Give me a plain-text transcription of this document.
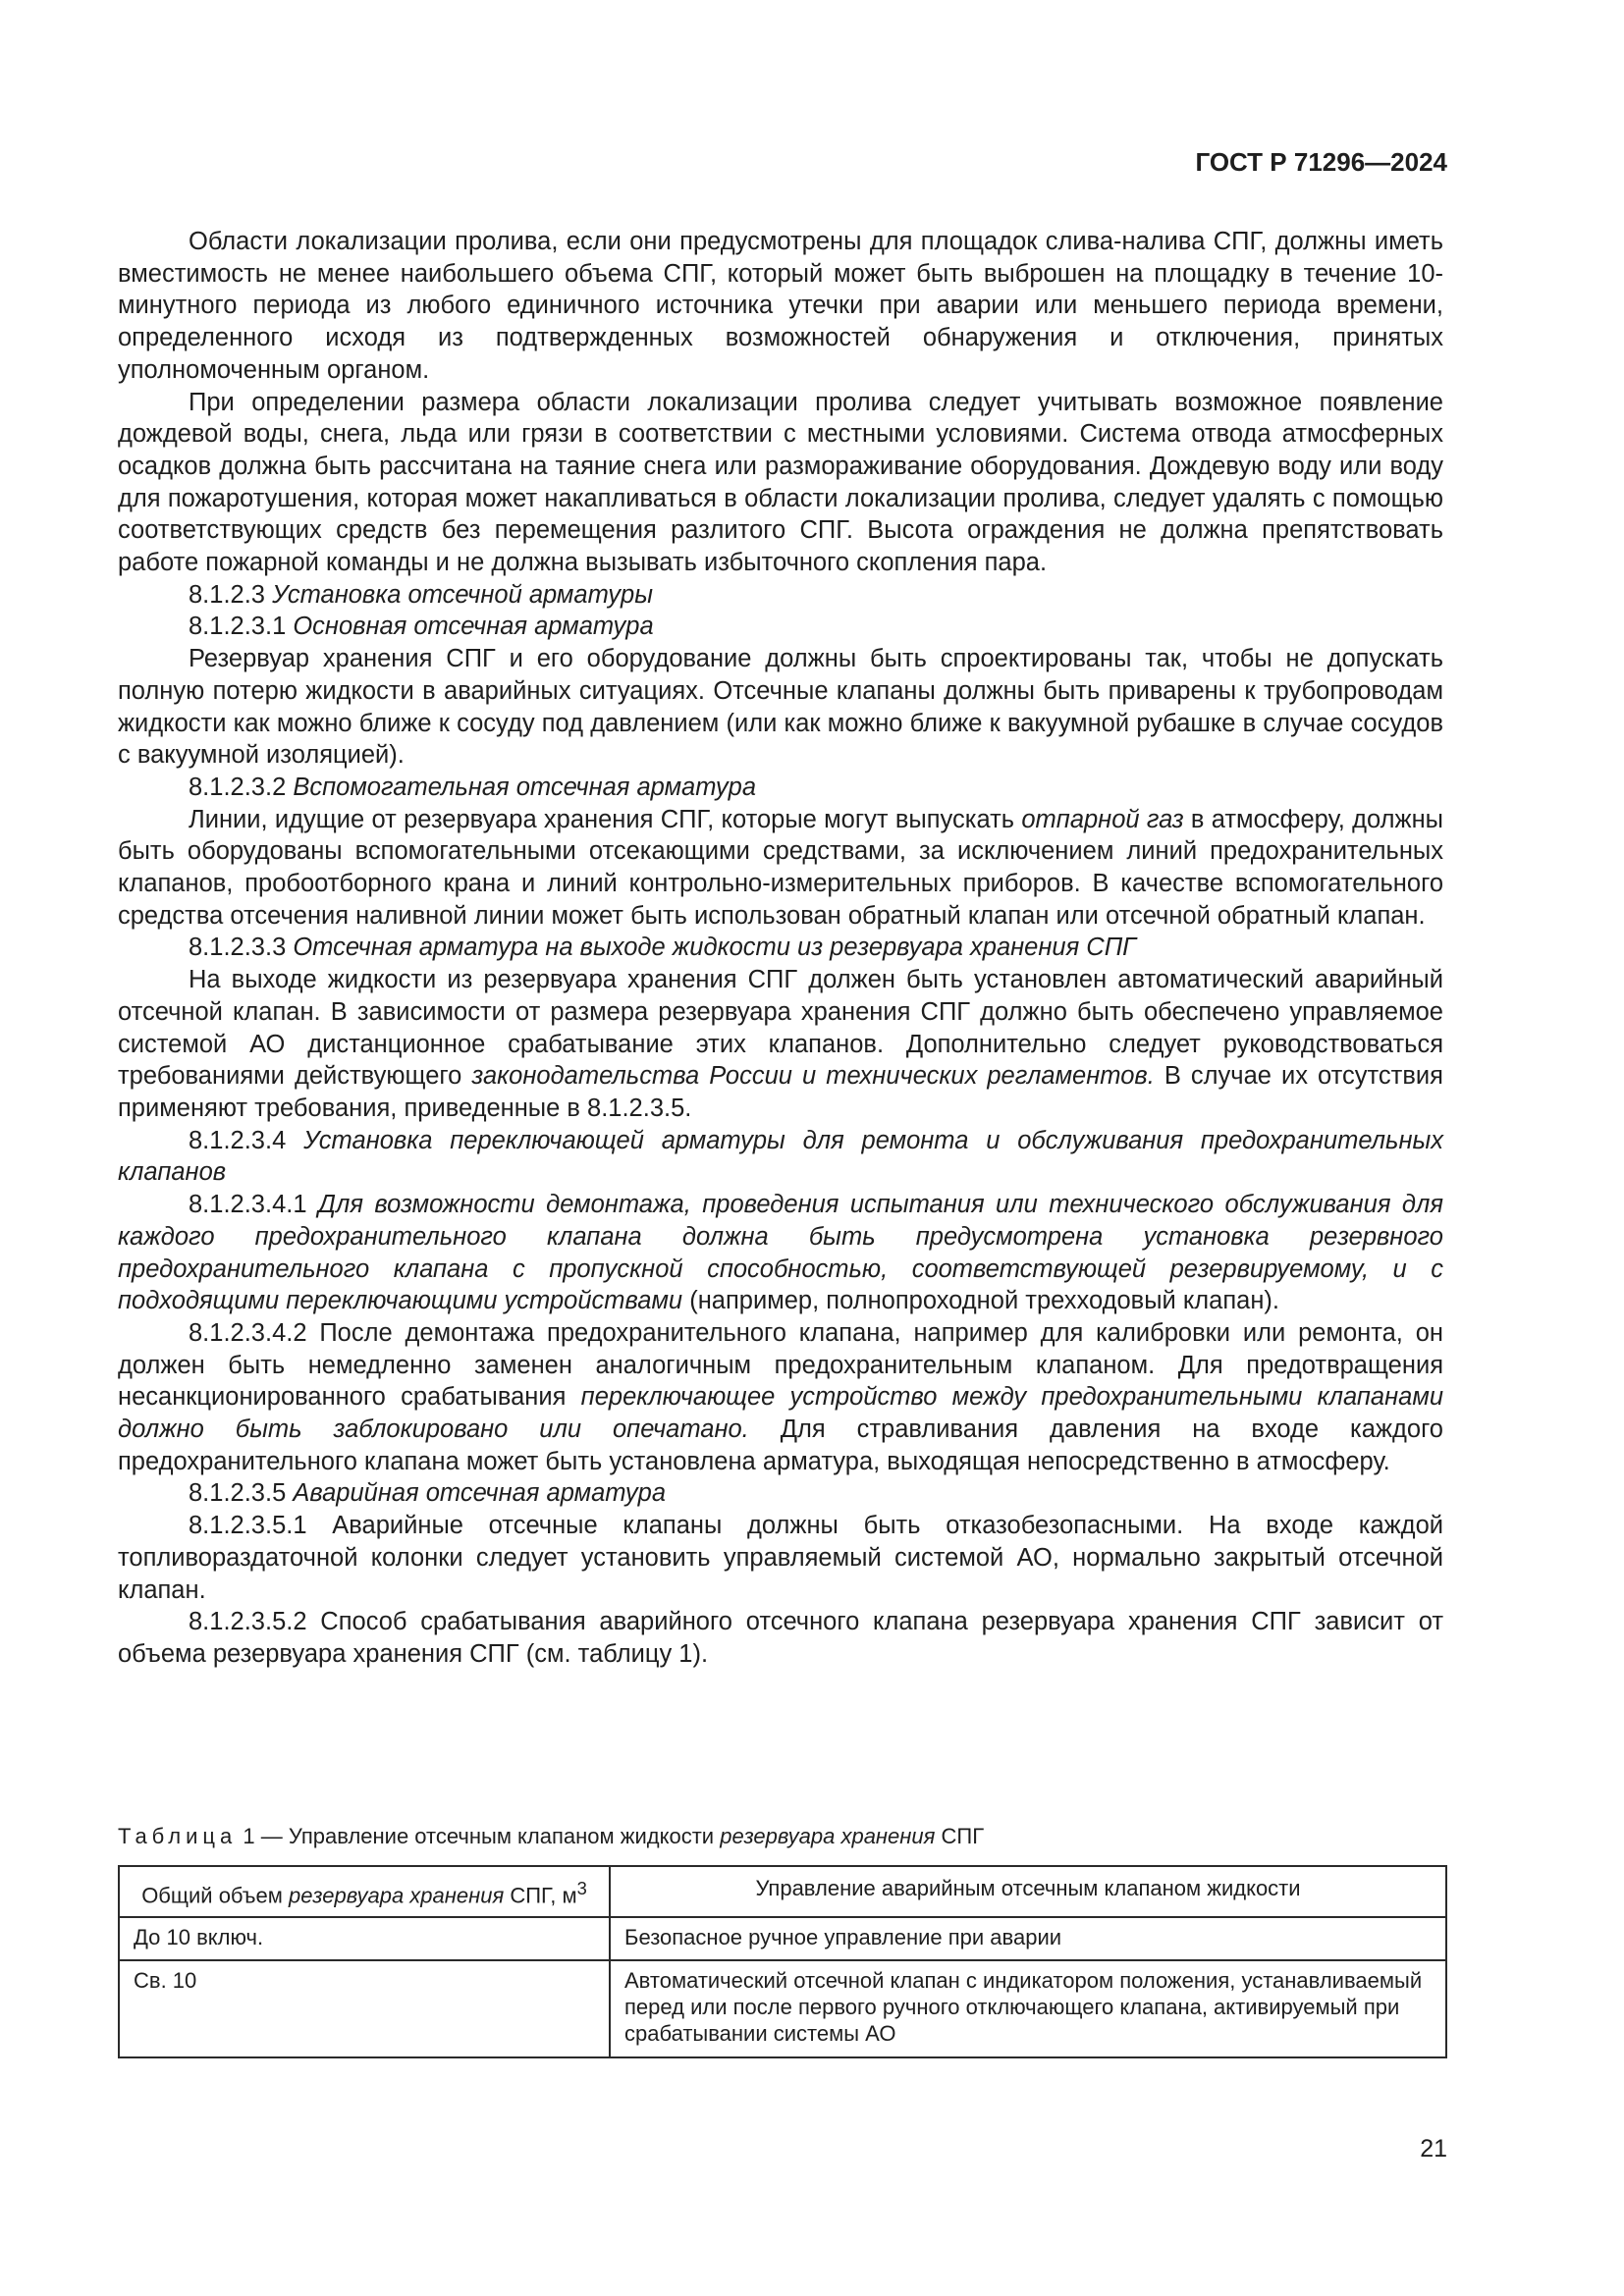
ГОСТ Р 71296—2024

Области локализации пролива, если они предусмотрены для площадок слива-налива СПГ, должны иметь вместимость не менее наибольшего объема СПГ, который может быть выброшен на площадку в течение 10-минутного периода из любого единичного источника утечки при аварии или меньшего периода времени, определенного исходя из подтвержденных возможностей обнаружения и отключения, принятых уполномоченным органом.

При определении размера области локализации пролива следует учитывать возможное появление дождевой воды, снега, льда или грязи в соответствии с местными условиями. Система отвода атмосферных осадков должна быть рассчитана на таяние снега или размораживание оборудования. Дождевую воду или воду для пожаротушения, которая может накапливаться в области локализации пролива, следует удалять с помощью соответствующих средств без перемещения разлитого СПГ. Высота ограждения не должна препятствовать работе пожарной команды и не должна вызывать избыточного скопления пара.

8.1.2.3 Установка отсечной арматуры

8.1.2.3.1 Основная отсечная арматура

Резервуар хранения СПГ и его оборудование должны быть спроектированы так, чтобы не допускать полную потерю жидкости в аварийных ситуациях. Отсечные клапаны должны быть приварены к трубопроводам жидкости как можно ближе к сосуду под давлением (или как можно ближе к вакуумной рубашке в случае сосудов с вакуумной изоляцией).

8.1.2.3.2 Вспомогательная отсечная арматура

Линии, идущие от резервуара хранения СПГ, которые могут выпускать отпарной газ в атмосферу, должны быть оборудованы вспомогательными отсекающими средствами, за исключением линий предохранительных клапанов, пробоотборного крана и линий контрольно-измерительных приборов. В качестве вспомогательного средства отсечения наливной линии может быть использован обратный клапан или отсечной обратный клапан.

8.1.2.3.3 Отсечная арматура на выходе жидкости из резервуара хранения СПГ

На выходе жидкости из резервуара хранения СПГ должен быть установлен автоматический аварийный отсечной клапан. В зависимости от размера резервуара хранения СПГ должно быть обеспечено управляемое системой АО дистанционное срабатывание этих клапанов. Дополнительно следует руководствоваться требованиями действующего законодательства России и технических регламентов. В случае их отсутствия применяют требования, приведенные в 8.1.2.3.5.

8.1.2.3.4 Установка переключающей арматуры для ремонта и обслуживания предохранительных клапанов

8.1.2.3.4.1 Для возможности демонтажа, проведения испытания или технического обслуживания для каждого предохранительного клапана должна быть предусмотрена установка резервного предохранительного клапана с пропускной способностью, соответствующей резервируемому, и с подходящими переключающими устройствами (например, полнопроходной трехходовый клапан).

8.1.2.3.4.2 После демонтажа предохранительного клапана, например для калибровки или ремонта, он должен быть немедленно заменен аналогичным предохранительным клапаном. Для предотвращения несанкционированного срабатывания переключающее устройство между предохранительными клапанами должно быть заблокировано или опечатано. Для стравливания давления на входе каждого предохранительного клапана может быть установлена арматура, выходящая непосредственно в атмосферу.

8.1.2.3.5 Аварийная отсечная арматура

8.1.2.3.5.1 Аварийные отсечные клапаны должны быть отказобезопасными. На входе каждой топливораздаточной колонки следует установить управляемый системой АО, нормально закрытый отсечной клапан.

8.1.2.3.5.2 Способ срабатывания аварийного отсечного клапана резервуара хранения СПГ зависит от объема резервуара хранения СПГ (см. таблицу 1).

Таблица 1 — Управление отсечным клапаном жидкости резервуара хранения СПГ
Общий объем резервуара хранения СПГ, $м^3$	Управление аварийным отсечным клапаном жидкости
До 10 включ.	Безопасное ручное управление при аварии
Св. 10	Автоматический отсечной клапан с индикатором положения, устанавливаемый перед или после первого ручного отключающего клапана, активируемый при срабатывании системы АО
21
